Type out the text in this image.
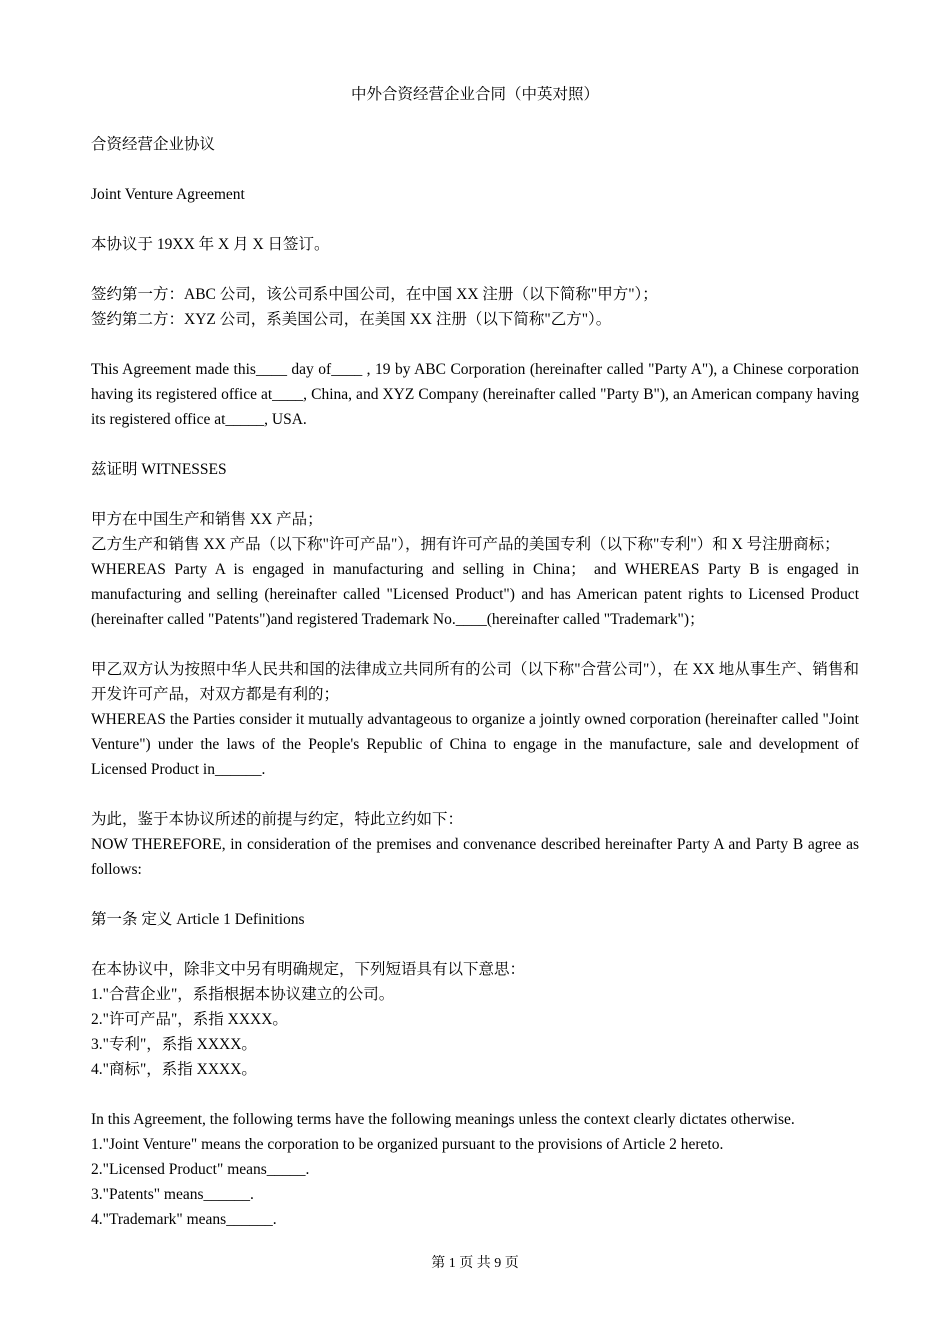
中外合资经营企业合同（中英对照）
合资经营企业协议
Joint Venture Agreement
本协议于 19XX 年 X 月 X 日签订。
签约第一方：ABC 公司，该公司系中国公司，在中国 XX 注册（以下简称"甲方"）；
签约第二方：XYZ 公司，系美国公司，在美国 XX 注册（以下简称"乙方"）。
This Agreement made this____ day of____ , 19 by ABC Corporation (hereinafter called "Party A"), a Chinese corporation having its registered office at____, China, and XYZ Company (hereinafter called "Party B"), an American company having its registered office at_____, USA.
兹证明 WITNESSES
甲方在中国生产和销售 XX 产品；
乙方生产和销售 XX 产品（以下称"许可产品"），拥有许可产品的美国专利（以下称"专利"）和 X 号注册商标；
WHEREAS Party A is engaged in manufacturing and selling in China； and WHEREAS Party B is engaged in manufacturing and selling (hereinafter called "Licensed Product") and has American patent rights to Licensed Product (hereinafter called "Patents")and registered Trademark No.____(hereinafter called "Trademark")；
甲乙双方认为按照中华人民共和国的法律成立共同所有的公司（以下称"合营公司"），在 XX 地从事生产、销售和开发许可产品，对双方都是有利的；
WHEREAS the Parties consider it mutually advantageous to organize a jointly owned corporation (hereinafter called "Joint Venture") under the laws of the People's Republic of China to engage in the manufacture, sale and development of Licensed Product in______.
为此，鉴于本协议所述的前提与约定，特此立约如下：
NOW THEREFORE, in consideration of the premises and convenance described hereinafter Party A and Party B agree as follows:
第一条 定义 Article 1 Definitions
在本协议中，除非文中另有明确规定，下列短语具有以下意思：
1."合营企业"，系指根据本协议建立的公司。
2."许可产品"，系指 XXXX。
3."专利"，系指 XXXX。
4."商标"，系指 XXXX。
In this Agreement, the following terms have the following meanings unless the context clearly dictates otherwise.
1."Joint Venture" means the corporation to be organized pursuant to the provisions of Article 2 hereto.
2."Licensed Product" means_____.
3."Patents" means______.
4."Trademark" means______.
第 1 页 共 9 页
